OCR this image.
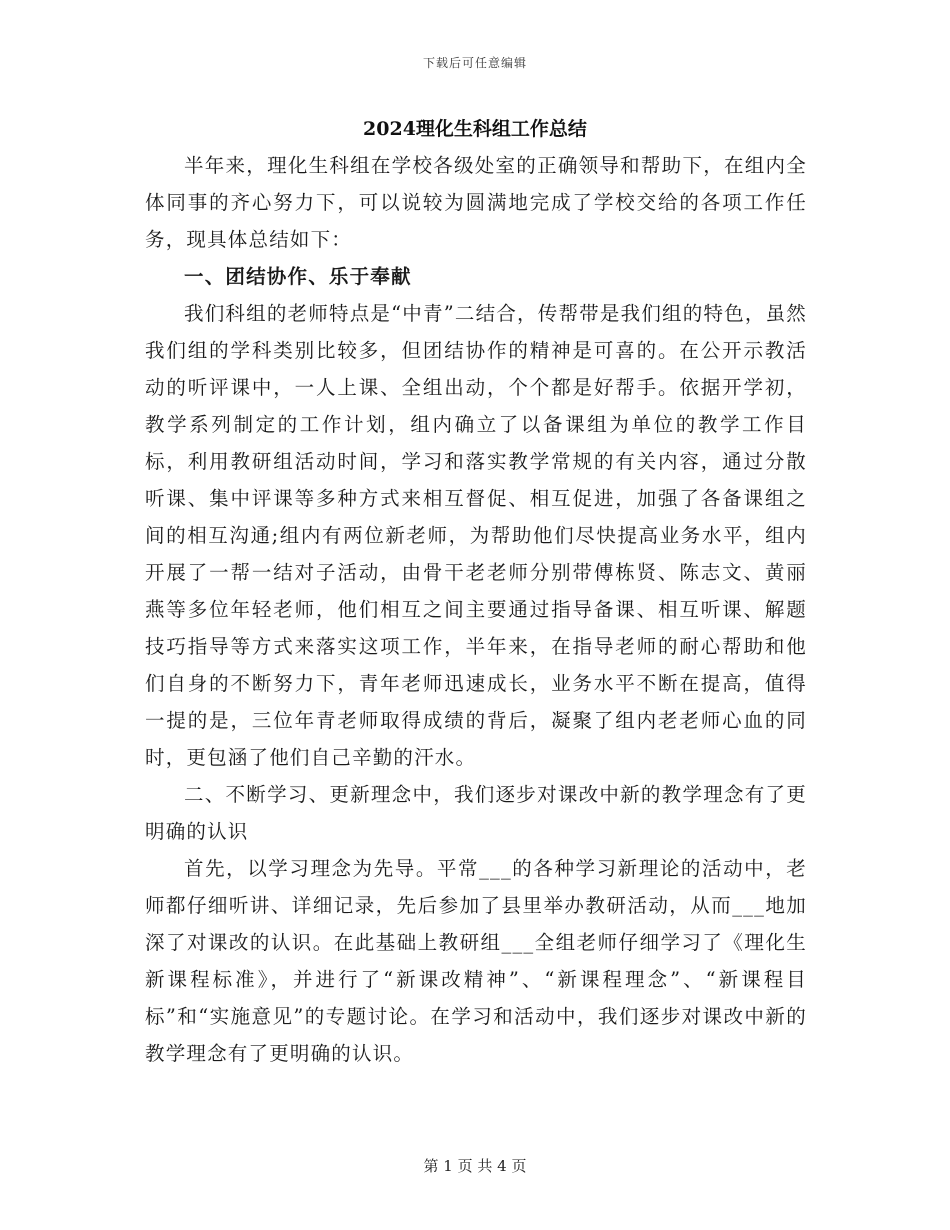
下载后可任意编辑
2024理化生科组工作总结

半年来，理化生科组在学校各级处室的正确领导和帮助下，在组内全体同事的齐心努力下，可以说较为圆满地完成了学校交给的各项工作任务，现具体总结如下：

一、团结协作、乐于奉献

我们科组的老师特点是“中青”二结合，传帮带是我们组的特色，虽然我们组的学科类别比较多，但团结协作的精神是可喜的。在公开示教活动的听评课中，一人上课、全组出动，个个都是好帮手。依据开学初，教学系列制定的工作计划，组内确立了以备课组为单位的教学工作目标，利用教研组活动时间，学习和落实教学常规的有关内容，通过分散听课、集中评课等多种方式来相互督促、相互促进，加强了各备课组之间的相互沟通;组内有两位新老师，为帮助他们尽快提高业务水平，组内开展了一帮一结对子活动，由骨干老老师分别带傅栋贤、陈志文、黄丽燕等多位年轻老师，他们相互之间主要通过指导备课、相互听课、解题技巧指导等方式来落实这项工作，半年来，在指导老师的耐心帮助和他们自身的不断努力下，青年老师迅速成长，业务水平不断在提高，值得一提的是，三位年青老师取得成绩的背后，凝聚了组内老老师心血的同时，更包涵了他们自己辛勤的汗水。

二、不断学习、更新理念中，我们逐步对课改中新的教学理念有了更明确的认识

首先，以学习理念为先导。平常___的各种学习新理论的活动中，老师都仔细听讲、详细记录，先后参加了县里举办教研活动，从而___地加深了对课改的认识。在此基础上教研组___全组老师仔细学习了《理化生新课程标准》，并进行了“新课改精神”、“新课程理念”、“新课程目标”和“实施意见”的专题讨论。在学习和活动中，我们逐步对课改中新的教学理念有了更明确的认识。

第 1 页 共 4 页
